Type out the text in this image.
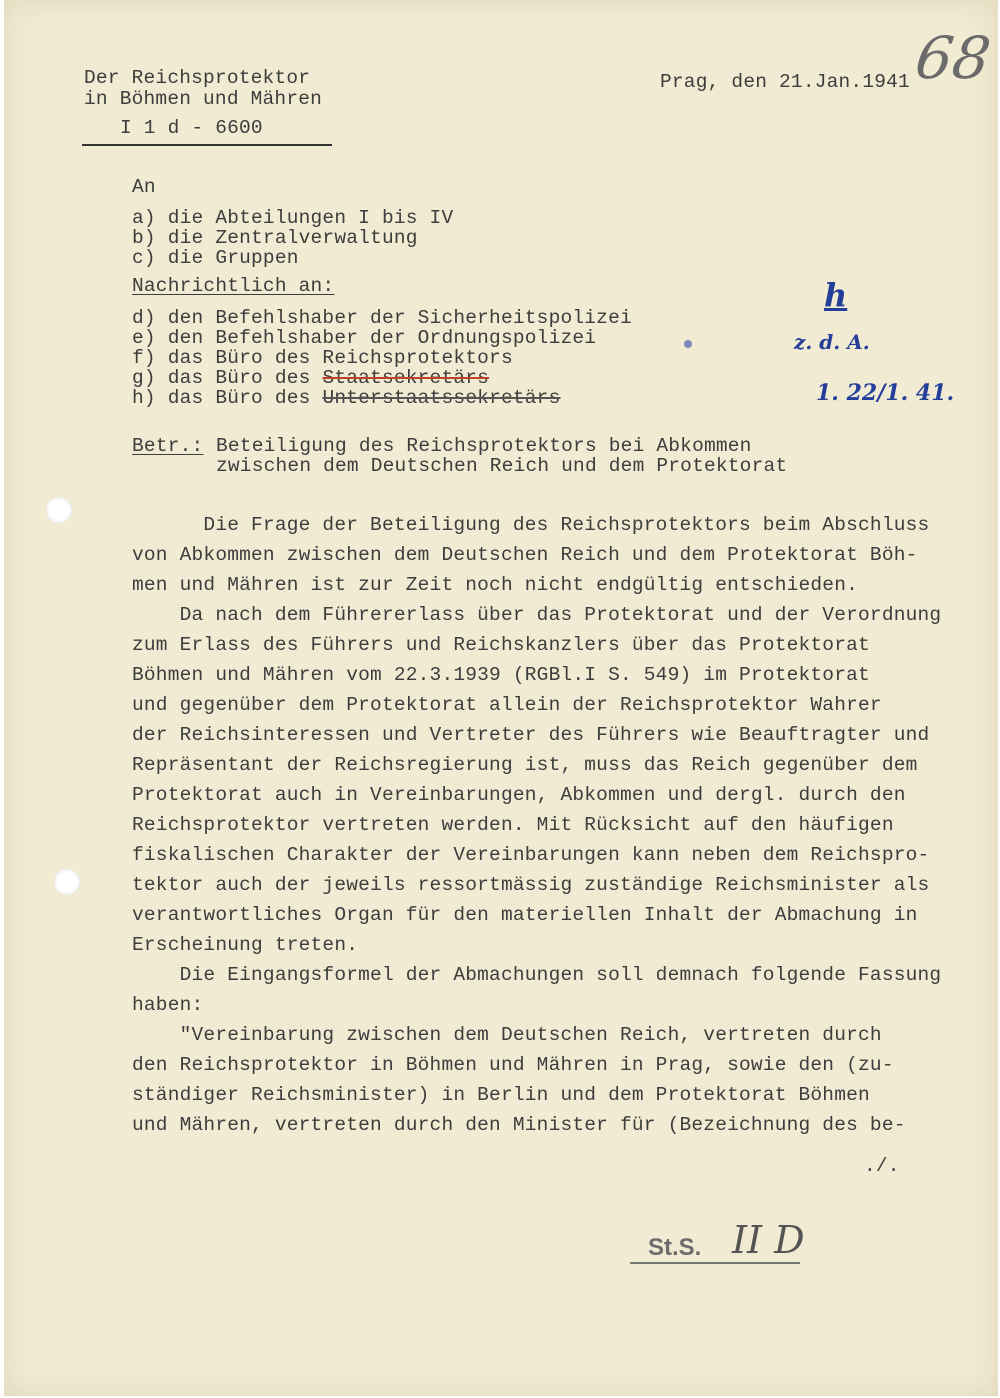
Der Reichsprotektor
in Böhmen und Mähren
I 1 d - 6600
Prag, den 21.Jan.1941 68
An
a) die Abteilungen I bis IV
b) die Zentralverwaltung
c) die Gruppen
Nachrichtlich an:
d) den Befehlshaber der Sicherheitspolizei
e) den Befehlshaber der Ordnungspolizei
f) das Büro des Reichsprotektors
g) das Büro des Staatsekretärs
h) das Büro des Unterstaatssekretärs
h
z. d. A.
1. 22/1. 41.
Betr.: Beteiligung des Reichsprotektors bei Abkommen
zwischen dem Deutschen Reich und dem Protektorat
Die Frage der Beteiligung des Reichsprotektors beim Abschluss
von Abkommen zwischen dem Deutschen Reich und dem Protektorat Böh-
men und Mähren ist zur Zeit noch nicht endgültig entschieden.
Da nach dem Führererlass über das Protektorat und der Verordnung
zum Erlass des Führers und Reichskanzlers über das Protektorat
Böhmen und Mähren vom 22.3.1939 (RGBl.I S. 549) im Protektorat
und gegenüber dem Protektorat allein der Reichsprotektor Wahrer
der Reichsinteressen und Vertreter des Führers wie Beauftragter und
Repräsentant der Reichsregierung ist, muss das Reich gegenüber dem
Protektorat auch in Vereinbarungen, Abkommen und dergl. durch den
Reichsprotektor vertreten werden. Mit Rücksicht auf den häufigen
fiskalischen Charakter der Vereinbarungen kann neben dem Reichspro-
tektor auch der jeweils ressortmässig zuständige Reichsminister als
verantwortliches Organ für den materiellen Inhalt der Abmachung in
Erscheinung treten.
Die Eingangsformel der Abmachungen soll demnach folgende Fassung
haben:
"Vereinbarung zwischen dem Deutschen Reich, vertreten durch
den Reichsprotektor in Böhmen und Mähren in Prag, sowie den (zu-
ständiger Reichsminister) in Berlin und dem Protektorat Böhmen
und Mähren, vertreten durch den Minister für (Bezeichnung des be-
./.
St.S. II D
